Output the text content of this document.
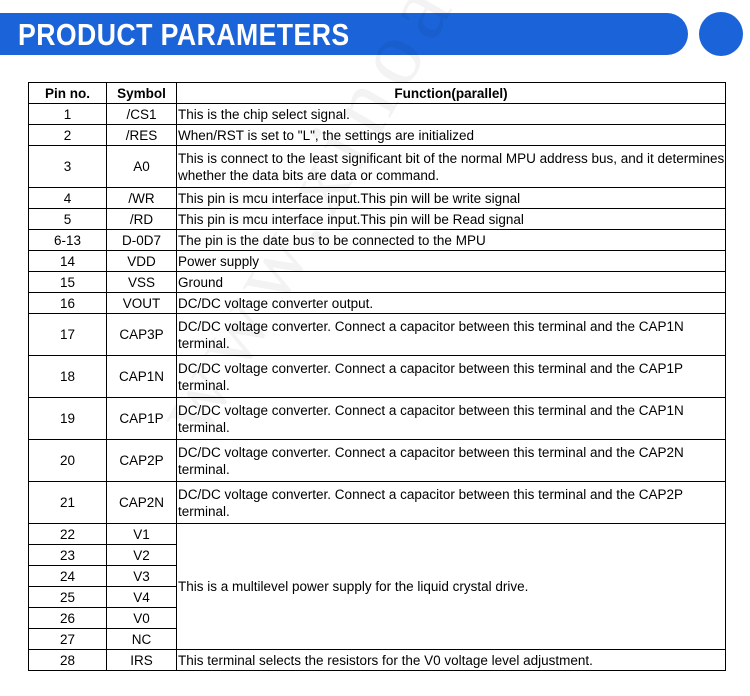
PRODUCT PARAMETERS
Pin no.	Symbol	Function(parallel)
1	/CS1	This is the chip select signal.
2	/RES	When/RST is set to "L", the settings are initialized
3	A0	This is connect to the least significant bit of the normal MPU address bus, and it determines whether the data bits are data or command.
4	/WR	This pin is mcu interface input.This pin will be write signal
5	/RD	This pin is mcu interface input.This pin will be Read signal
6-13	D-0D7	The pin is the date bus to be connected to the MPU
14	VDD	Power supply
15	VSS	Ground
16	VOUT	DC/DC voltage converter output.
17	CAP3P	DC/DC voltage converter. Connect a capacitor between this terminal and the CAP1N terminal.
18	CAP1N	DC/DC voltage converter. Connect a capacitor between this terminal and the CAP1P terminal.
19	CAP1P	DC/DC voltage converter. Connect a capacitor between this terminal and the CAP1N terminal.
20	CAP2P	DC/DC voltage converter. Connect a capacitor between this terminal and the CAP2N terminal.
21	CAP2N	DC/DC voltage converter. Connect a capacitor between this terminal and the CAP2P terminal.
22	V1	This is a multilevel power supply for the liquid crystal drive.
23	V2	
24	V3	
25	V4	
26	V0	
27	NC	
28	IRS	This terminal selects the resistors for the V0 voltage level adjustment.
